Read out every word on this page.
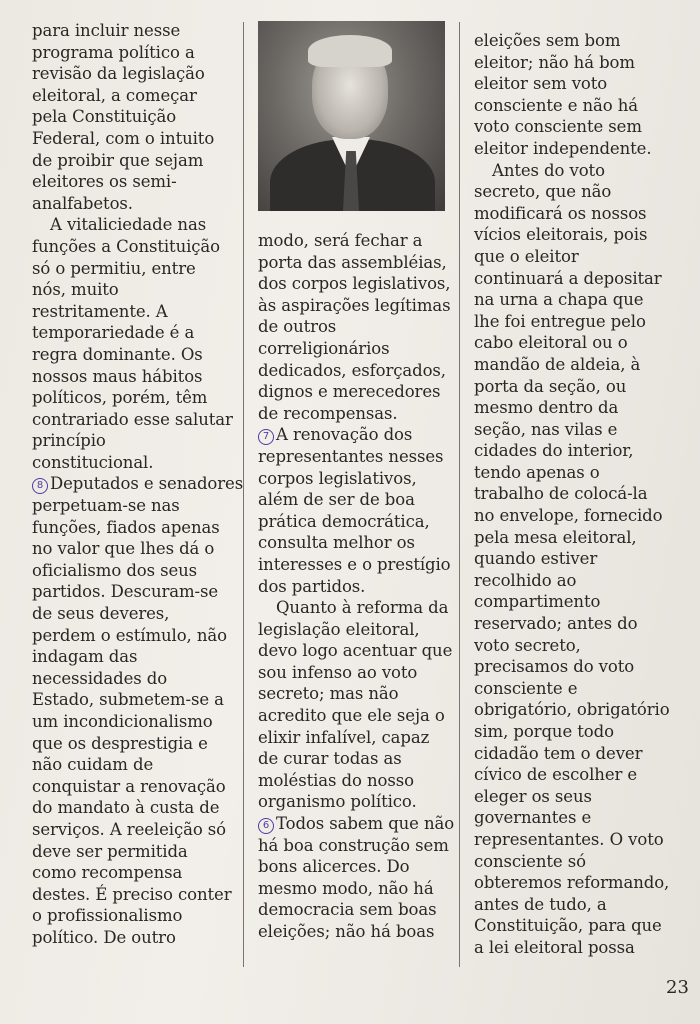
para incluir nesse

programa político a

revisão da legislação

eleitoral, a começar

pela Constituição

Federal, com o intuito

de proibir que sejam

eleitores os semi-

analfabetos.

A vitaliciedade nas

funções a Constituição

só o permitiu, entre

nós, muito

restritamente. A

temporariedade é a

regra dominante. Os

nossos maus hábitos

políticos, porém, têm

contrariado esse salutar

princípio

constitucional.

8 Deputados e senadores

perpetuam-se nas

funções, fiados apenas

no valor que lhes dá o

oficialismo dos seus

partidos. Descuram-se

de seus deveres,

perdem o estímulo, não

indagam das

necessidades do

Estado, submetem-se a

um incondicionalismo

que os desprestigia e

não cuidam de

conquistar a renovação

do mandato à custa de

serviços. A reeleição só

deve ser permitida

como recompensa

destes. É preciso conter

o profissionalismo

político. De outro

modo, será fechar a

porta das assembléias,

dos corpos legislativos,

às aspirações legítimas

de outros

correligionários

dedicados, esforçados,

dignos e merecedores

de recompensas.

7 A renovação dos

representantes nesses

corpos legislativos,

além de ser de boa

prática democrática,

consulta melhor os

interesses e o prestígio

dos partidos.

Quanto à reforma da

legislação eleitoral,

devo logo acentuar que

sou infenso ao voto

secreto; mas não

acredito que ele seja o

elixir infalível, capaz

de curar todas as

moléstias do nosso

organismo político.

6 Todos sabem que não

há boa construção sem

bons alicerces. Do

mesmo modo, não há

democracia sem boas

eleições; não há boas

eleições sem bom

eleitor; não há bom

eleitor sem voto

consciente e não há

voto consciente sem

eleitor independente.

Antes do voto

secreto, que não

modificará os nossos

vícios eleitorais, pois

que o eleitor

continuará a depositar

na urna a chapa que

lhe foi entregue pelo

cabo eleitoral ou o

mandão de aldeia, à

porta da seção, ou

mesmo dentro da

seção, nas vilas e

cidades do interior,

tendo apenas o

trabalho de colocá-la

no envelope, fornecido

pela mesa eleitoral,

quando estiver

recolhido ao

compartimento

reservado; antes do

voto secreto,

precisamos do voto

consciente e

obrigatório, obrigatório

sim, porque todo

cidadão tem o dever

cívico de escolher e

eleger os seus

governantes e

representantes. O voto

consciente só

obteremos reformando,

antes de tudo, a

Constituição, para que

a lei eleitoral possa

23
